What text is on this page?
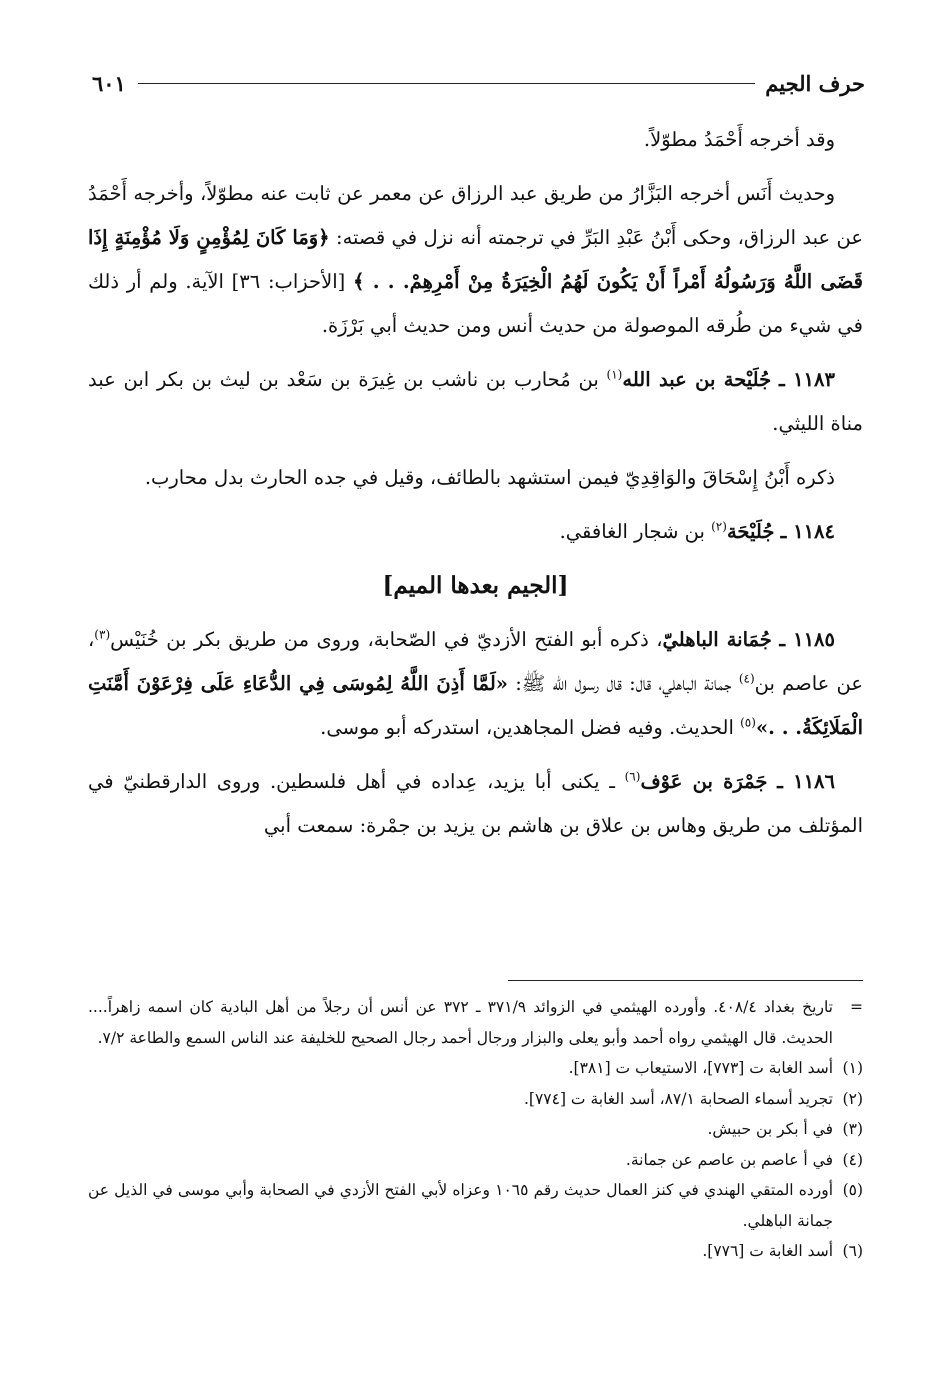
حرف الجيم
٦٠١

وقد أخرجه أَحْمَدُ مطوّلاً.

وحديث أَنَس أخرجه البَزَّارُ من طريق عبد الرزاق عن معمر عن ثابت عنه مطوّلاً، وأخرجه أَحْمَدُ عن عبد الرزاق، وحكى أَبْنُ عَبْدِ البَرِّ في ترجمته أنه نزل في قصته: ﴿وَمَا كَانَ لِمُؤْمِنٍ وَلَا مُؤْمِنَةٍ إِذَا قَضَى اللَّهُ وَرَسُولُهُ أَمْراً أَنْ يَكُونَ لَهُمُ الْخِيَرَةُ مِنْ أَمْرِهِمْ. . . ﴾ [الأحزاب: ٣٦] الآية. ولم أر ذلك في شيء من طُرقه الموصولة من حديث أنس ومن حديث أبي بَرْزَة.

١١٨٣ ـ جُلَيْحة بن عبد الله$^{(١)}$ بن مُحارب بن ناشب بن غِيرَة بن سَعْد بن ليث بن بكر ابن عبد مناة الليثي.

ذكره أَبْنُ إِسْحَاقَ والوَاقِدِيّ فيمن استشهد بالطائف، وقيل في جده الحارث بدل محارب.

١١٨٤ ـ جُلَيْحَة$^{(٢)}$ بن شجار الغافقي.

[الجيم بعدها الميم]

١١٨٥ ـ جُمَانة الباهليّ، ذكره أبو الفتح الأزديّ في الصّحابة، وروى من طريق بكر بن خُنَيْس$^{(٣)}$، عن عاصم بن$^{(٤)}$ جمانة الباهلي، قال: قال رسول الله ﷺ: «لَمَّا أَذِنَ اللَّهُ لِمُوسَى فِي الدُّعَاءِ عَلَى فِرْعَوْنَ أَمَّنَتِ الْمَلَائِكَةُ. . .»$^{(٥)}$ الحديث. وفيه فضل المجاهدين، استدركه أبو موسى.

١١٨٦ ـ جَمْرَة بن عَوْف$^{(٦)}$ ـ يكنى أبا يزيد، عِداده في أهل فلسطين. وروى الدارقطنيّ في المؤتلف من طريق وهاس بن علاق بن هاشم بن يزيد بن جمْرة: سمعت أبي

=تاريخ بغداد ٤٠٨/٤. وأورده الهيثمي في الزوائد ٣٧١/٩ ـ ٣٧٢ عن أنس أن رجلاً من أهل البادية كان اسمه زاهراً.... الحديث. قال الهيثمي رواه أحمد وأبو يعلى والبزار ورجال أحمد رجال الصحيح للخليفة عند الناس السمع والطاعة ٧/٢.

(١)أسد الغابة ت [٧٧٣]، الاستيعاب ت [٣٨١].

(٢)تجريد أسماء الصحابة ٨٧/١، أسد الغابة ت [٧٧٤].

(٣)في أ بكر بن حبيش.

(٤)في أ عاصم بن عاصم عن جمانة.

(٥)أورده المتقي الهندي في كنز العمال حديث رقم ١٠٦٥ وعزاه لأبي الفتح الأزدي في الصحابة وأبي موسى في الذيل عن جمانة الباهلي.

(٦)أسد الغابة ت [٧٧٦].
